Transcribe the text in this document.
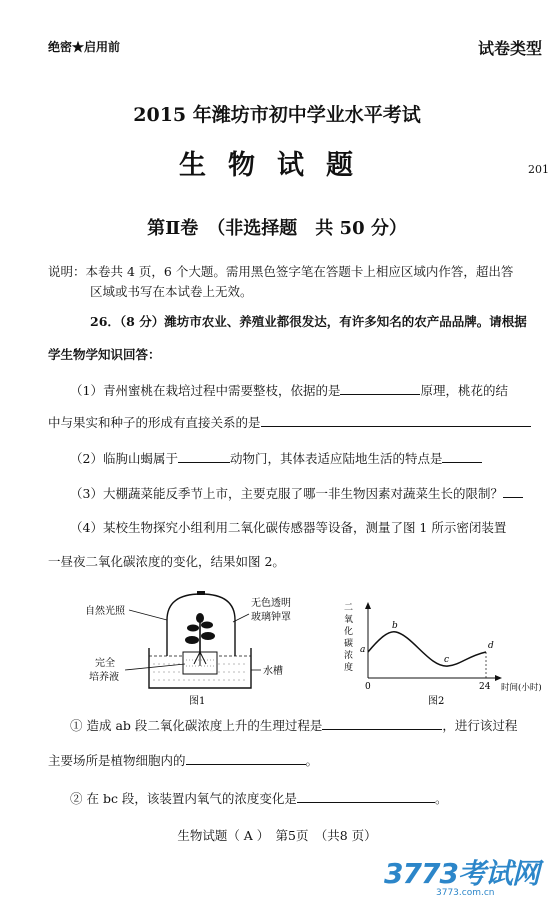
绝密★启用前	试卷类型
2015 年潍坊市初中学业水平考试
生物试题	201
第Ⅱ卷　（非选择题　共 50 分）
说明：本卷共 4 页，6 个大题。需用黑色签字笔在答题卡上相应区域内作答，超出答
区域或书写在本试卷上无效。
26．（8 分）潍坊市农业、养殖业都很发达，有许多知名的农产品品牌。请根据
学生物学知识回答：
（1）青州蜜桃在栽培过程中需要整枝，依据的是	原理，桃花的结
中与果实和种子的形成有直接关系的是
（2）临朐山蝎属于	动物门，其体表适应陆地生活的特点是
（3）大棚蔬菜能反季节上市，主要克服了哪一非生物因素对蔬菜生长的限制？
（4）某校生物探究小组利用二氧化碳传感器等设备，测量了图 1 所示密闭装置
一昼夜二氧化碳浓度的变化，结果如图 2。
自然光照
无色透明
玻璃钟罩
完全
培养液
水槽
图1
二
氧
化
碳
浓
度
a
b
c
d
0	24 时间(小时)
图2
① 造成 ab 段二氧化碳浓度上升的生理过程是	，进行该过程
主要场所是植物细胞内的	。
② 在 bc 段，该装置内氧气的浓度变化是	。
生物试题（ A ）　第5页　（共8 页）
3773考试网
3773.com.cn
